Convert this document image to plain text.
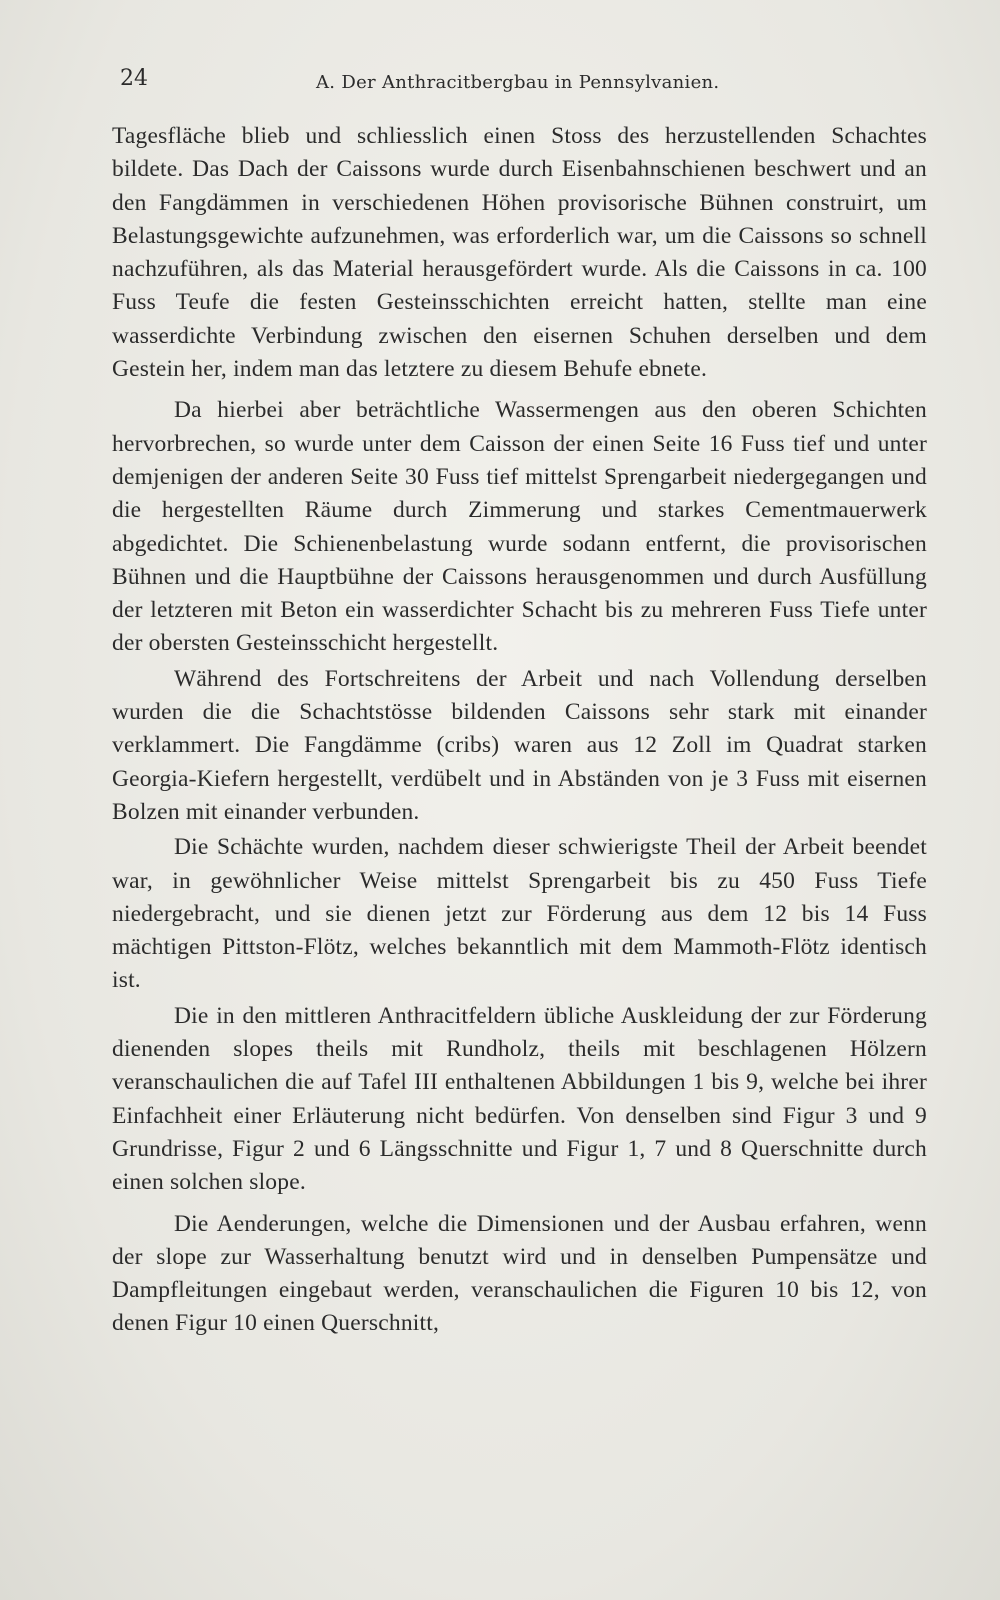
24	A. Der Anthracitbergbau in Pennsylvanien.

Tagesfläche blieb und schliesslich einen Stoss des herzustellenden Schachtes bildete. Das Dach der Caissons wurde durch Eisenbahnschienen beschwert und an den Fangdämmen in verschiedenen Höhen provisorische Bühnen construirt, um Belastungsgewichte aufzunehmen, was erforderlich war, um die Caissons so schnell nachzuführen, als das Material herausgefördert wurde. Als die Caissons in ca. 100 Fuss Teufe die festen Gesteinsschichten erreicht hatten, stellte man eine wasserdichte Verbindung zwischen den eisernen Schuhen derselben und dem Gestein her, indem man das letztere zu diesem Behufe ebnete.

Da hierbei aber beträchtliche Wassermengen aus den oberen Schichten hervorbrechen, so wurde unter dem Caisson der einen Seite 16 Fuss tief und unter demjenigen der anderen Seite 30 Fuss tief mittelst Sprengarbeit niedergegangen und die hergestellten Räume durch Zimmerung und starkes Cementmauerwerk abgedichtet. Die Schienenbelastung wurde sodann entfernt, die provisorischen Bühnen und die Hauptbühne der Caissons herausgenommen und durch Ausfüllung der letzteren mit Beton ein wasserdichter Schacht bis zu mehreren Fuss Tiefe unter der obersten Gesteinsschicht hergestellt.

Während des Fortschreitens der Arbeit und nach Vollendung derselben wurden die die Schachtstösse bildenden Caissons sehr stark mit einander verklammert. Die Fangdämme (cribs) waren aus 12 Zoll im Quadrat starken Georgia-Kiefern hergestellt, verdübelt und in Abständen von je 3 Fuss mit eisernen Bolzen mit einander verbunden.

Die Schächte wurden, nachdem dieser schwierigste Theil der Arbeit beendet war, in gewöhnlicher Weise mittelst Sprengarbeit bis zu 450 Fuss Tiefe niedergebracht, und sie dienen jetzt zur Förderung aus dem 12 bis 14 Fuss mächtigen Pittston-Flötz, welches bekanntlich mit dem Mammoth-Flötz identisch ist.

Die in den mittleren Anthracitfeldern übliche Auskleidung der zur Förderung dienenden slopes theils mit Rundholz, theils mit beschlagenen Hölzern veranschaulichen die auf Tafel III enthaltenen Abbildungen 1 bis 9, welche bei ihrer Einfachheit einer Erläuterung nicht bedürfen. Von denselben sind Figur 3 und 9 Grundrisse, Figur 2 und 6 Längsschnitte und Figur 1, 7 und 8 Querschnitte durch einen solchen slope.

Die Aenderungen, welche die Dimensionen und der Ausbau erfahren, wenn der slope zur Wasserhaltung benutzt wird und in denselben Pumpensätze und Dampfleitungen eingebaut werden, veranschaulichen die Figuren 10 bis 12, von denen Figur 10 einen Querschnitt,
